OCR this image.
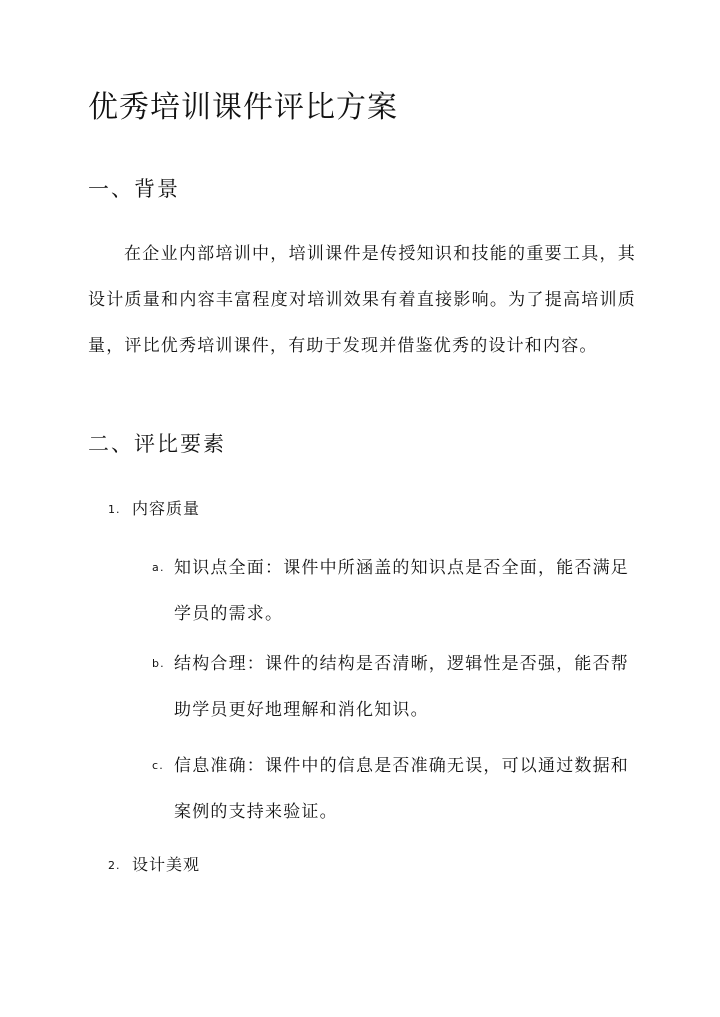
优秀培训课件评比方案
一、背景

在企业内部培训中，培训课件是传授知识和技能的重要工具，其设计质量和内容丰富程度对培训效果有着直接影响。为了提高培训质量，评比优秀培训课件，有助于发现并借鉴优秀的设计和内容。

二、评比要素
1. 内容质量
a. 知识点全面：课件中所涵盖的知识点是否全面，能否满足学员的需求。
b. 结构合理：课件的结构是否清晰，逻辑性是否强，能否帮助学员更好地理解和消化知识。
c. 信息准确：课件中的信息是否准确无误，可以通过数据和案例的支持来验证。
2. 设计美观
